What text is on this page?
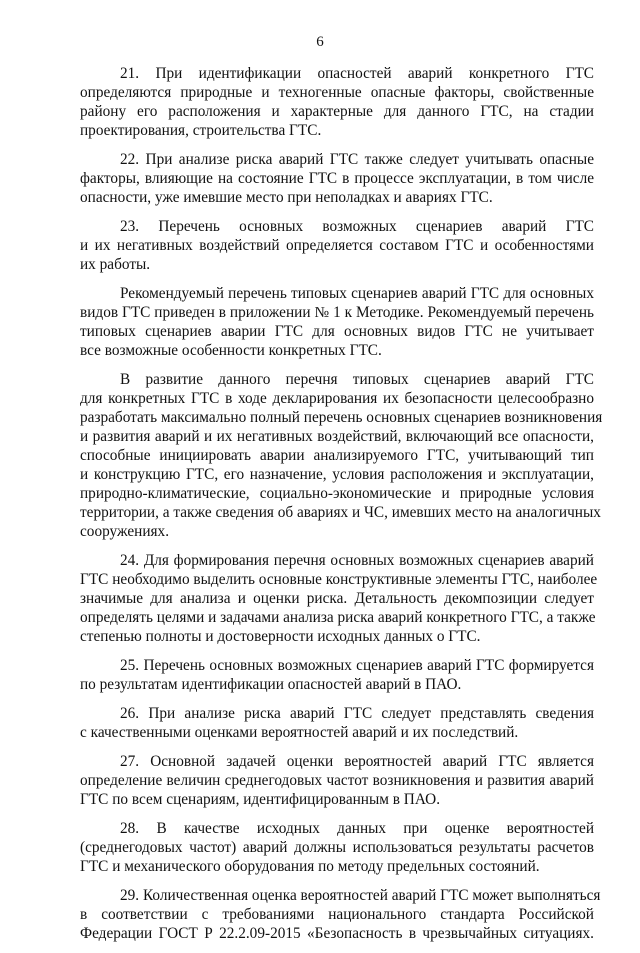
6
21. При идентификации опасностей аварий конкретного ГТС
определяются природные и техногенные опасные факторы, свойственные
району его расположения и характерные для данного ГТС, на стадии
проектирования, строительства ГТС.
22. При анализе риска аварий ГТС также следует учитывать опасные
факторы, влияющие на состояние ГТС в процессе эксплуатации, в том числе
опасности, уже имевшие место при неполадках и авариях ГТС.
23. Перечень основных возможных сценариев аварий ГТС
и их негативных воздействий определяется составом ГТС и особенностями
их работы.
Рекомендуемый перечень типовых сценариев аварий ГТС для основных
видов ГТС приведен в приложении № 1 к Методике. Рекомендуемый перечень
типовых сценариев аварии ГТС для основных видов ГТС не учитывает
все возможные особенности конкретных ГТС.
В развитие данного перечня типовых сценариев аварий ГТС
для конкретных ГТС в ходе декларирования их безопасности целесообразно
разработать максимально полный перечень основных сценариев возникновения
и развития аварий и их негативных воздействий, включающий все опасности,
способные инициировать аварии анализируемого ГТС, учитывающий тип
и конструкцию ГТС, его назначение, условия расположения и эксплуатации,
природно-климатические, социально-экономические и природные условия
территории, а также сведения об авариях и ЧС, имевших место на аналогичных
сооружениях.
24. Для формирования перечня основных возможных сценариев аварий
ГТС необходимо выделить основные конструктивные элементы ГТС, наиболее
значимые для анализа и оценки риска. Детальность декомпозиции следует
определять целями и задачами анализа риска аварий конкретного ГТС, а также
степенью полноты и достоверности исходных данных о ГТС.
25. Перечень основных возможных сценариев аварий ГТС формируется
по результатам идентификации опасностей аварий в ПАО.
26. При анализе риска аварий ГТС следует представлять сведения
с качественными оценками вероятностей аварий и их последствий.
27. Основной задачей оценки вероятностей аварий ГТС является
определение величин среднегодовых частот возникновения и развития аварий
ГТС по всем сценариям, идентифицированным в ПАО.
28. В качестве исходных данных при оценке вероятностей
(среднегодовых частот) аварий должны использоваться результаты расчетов
ГТС и механического оборудования по методу предельных состояний.
29. Количественная оценка вероятностей аварий ГТС может выполняться
в соответствии с требованиями национального стандарта Российской
Федерации ГОСТ Р 22.2.09-2015 «Безопасность в чрезвычайных ситуациях.
